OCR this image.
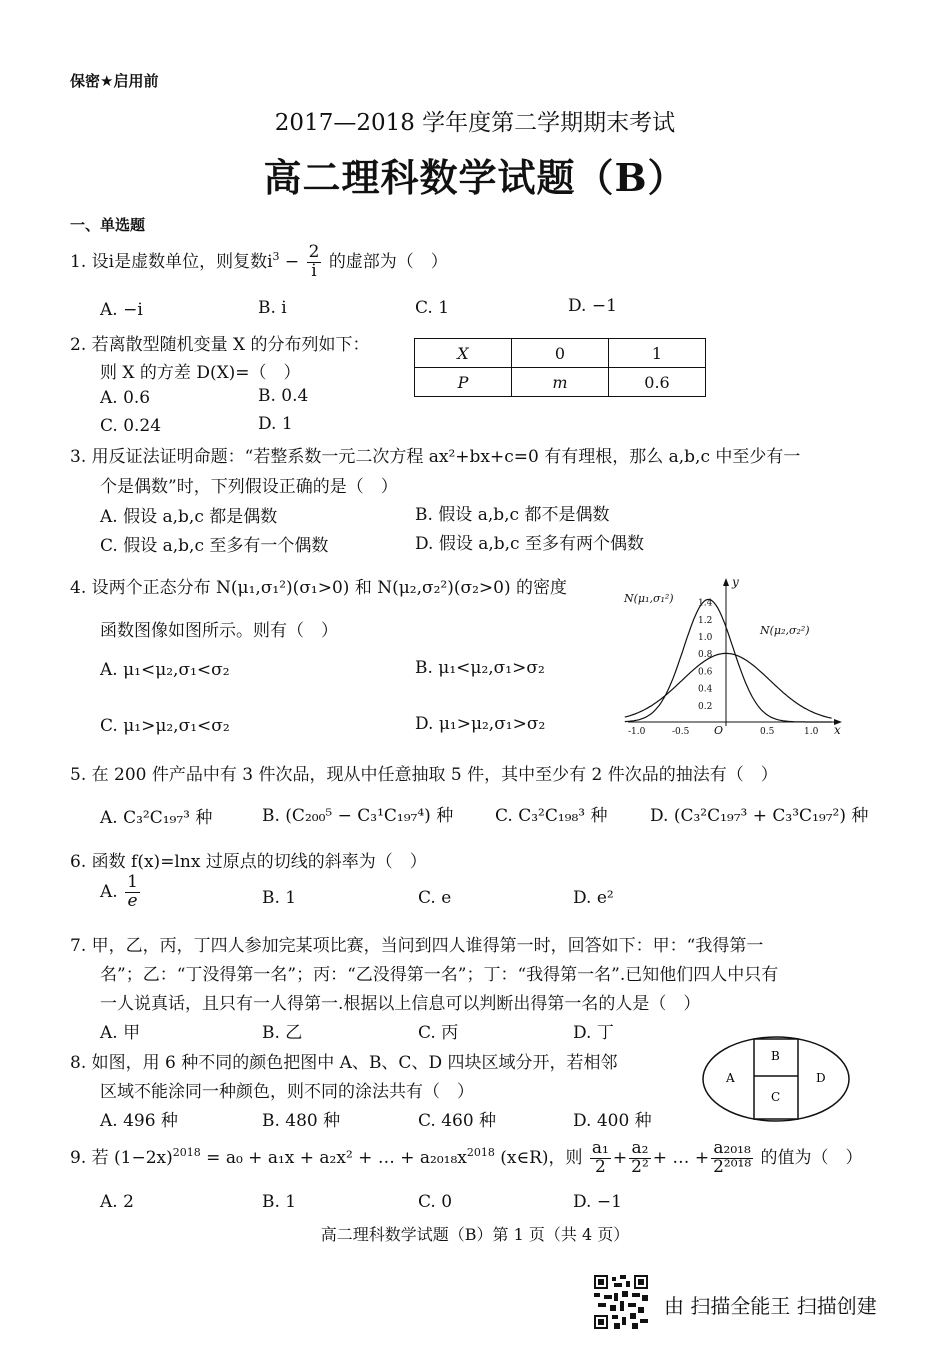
保密★启用前
2017—2018 学年度第二学期期末考试
高二理科数学试题（B）
一、单选题
1. 设i是虚数单位，则复数$i^3 - \frac{2}{i}$ 的虚部为（　）
A. −i	B. i	C. 1	D. −1
2. 若离散型随机变量 X 的分布列如下：
则 X 的方差 D(X)=（　）
X	0	1
P	m	0.6
A. 0.6	B. 0.4
C. 0.24	D. 1
3. 用反证法证明命题：“若整系数一元二次方程 ax²+bx+c=0 有有理根，那么 a,b,c 中至少有一
个是偶数”时，下列假设正确的是（　）
A. 假设 a,b,c 都是偶数	B. 假设 a,b,c 都不是偶数
C. 假设 a,b,c 至多有一个偶数	D. 假设 a,b,c 至多有两个偶数
4. 设两个正态分布 N(μ₁,σ₁²)(σ₁>0) 和 N(μ₂,σ₂²)(σ₂>0) 的密度
函数图像如图所示。则有（　）
A. μ₁<μ₂,σ₁<σ₂	B. μ₁<μ₂,σ₁>σ₂
C. μ₁>μ₂,σ₁<σ₂	D. μ₁>μ₂,σ₁>σ₂
y
x
O
1.4
1.2
1.0
0.8
0.6
0.4
0.2
-1.0	-0.5	0.5	1.0
N(μ₁,σ₁²)
N(μ₂,σ₂²)
5. 在 200 件产品中有 3 件次品，现从中任意抽取 5 件，其中至少有 2 件次品的抽法有（　）
A. C₃²C₁₉₇³ 种	B. (C₂₀₀⁵ − C₃¹C₁₉₇⁴) 种 C. C₃²C₁₉₈³ 种 D. (C₃²C₁₉₇³ + C₃³C₁₉₇²) 种
6. 函数 f(x)=lnx 过原点的切线的斜率为（　）
A. $\frac{1}{e}$	B. 1	C. e	D. e²
7. 甲，乙，丙，丁四人参加完某项比赛，当问到四人谁得第一时，回答如下：甲：“我得第一
名”；乙：“丁没得第一名”；丙：“乙没得第一名”；丁：“我得第一名”.已知他们四人中只有
一人说真话，且只有一人得第一.根据以上信息可以判断出得第一名的人是（　）
A. 甲	B. 乙	C. 丙	D. 丁
8. 如图，用 6 种不同的颜色把图中 A、B、C、D 四块区域分开，若相邻
区域不能涂同一种颜色，则不同的涂法共有（　）
A. 496 种	B. 480 种	C. 460 种	D. 400 种
A
B
C
D
9. 若 $(1-2x)^{2018} = a_0 + a_1x + a_2x^2$ + … + $a_{2018}x^{2018}$ (x∈R)，则 $\frac{\text{a₁}}{2} + \frac{\text{a₂}}{\text{2²}}$ + … + $\frac{\text{a₂₀₁₈}}{\text{2²⁰¹⁸}}$ 的值为（　）
A. 2	B. 1	C. 0	D. −1
高二理科数学试题（B）第 1 页（共 4 页）
由 扫描全能王 扫描创建
